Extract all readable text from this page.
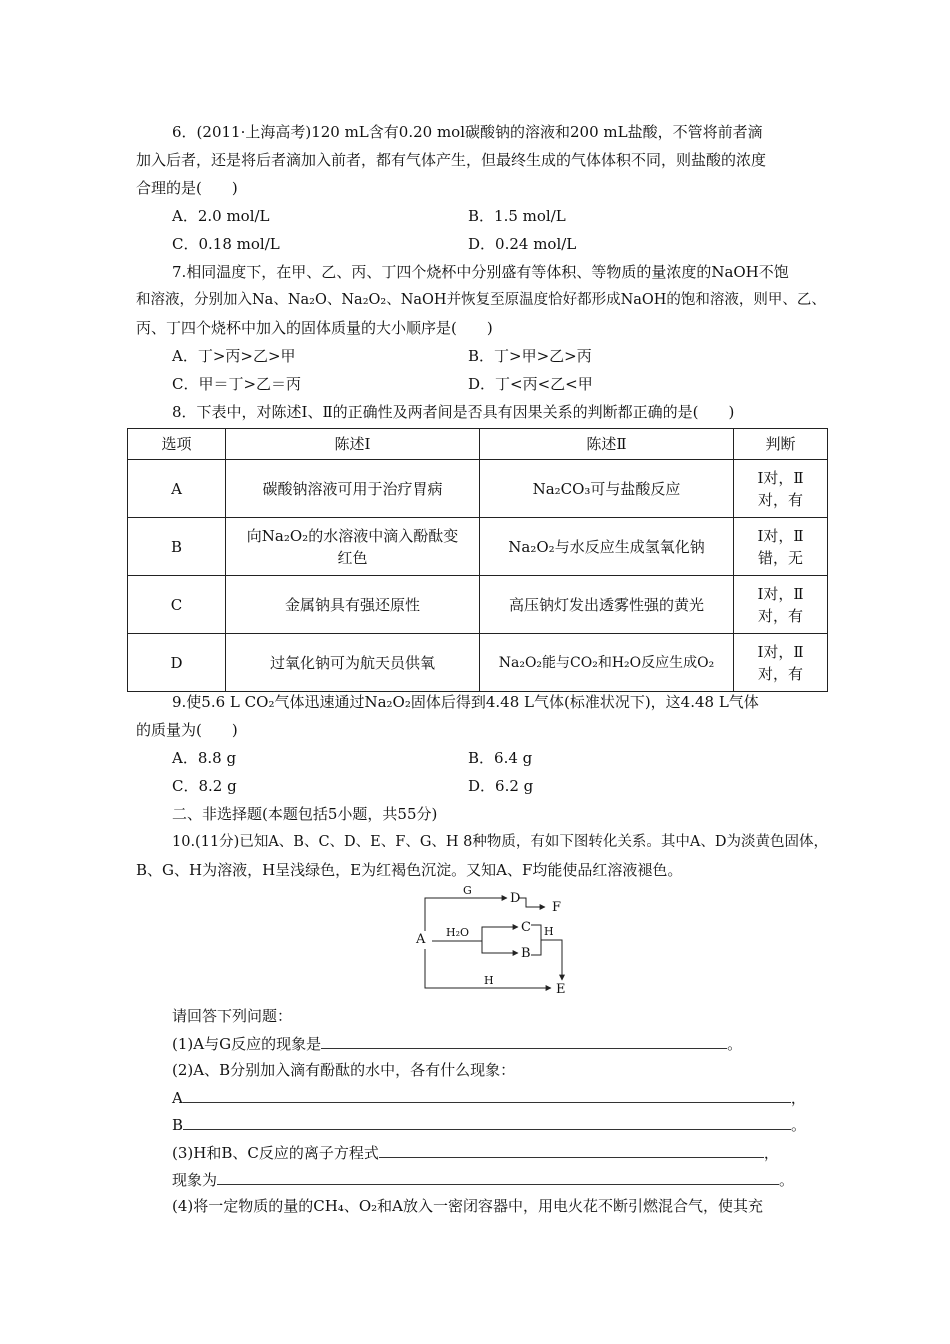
6．(2011·上海高考)120 mL含有0.20 mol碳酸钠的溶液和200 mL盐酸，不管将前者滴
加入后者，还是将后者滴加入前者，都有气体产生，但最终生成的气体体积不同，则盐酸的浓度
合理的是(　　)
A．2.0 mol/L	B．1.5 mol/L
C．0.18 mol/L	D．0.24 mol/L
7.相同温度下，在甲、乙、丙、丁四个烧杯中分别盛有等体积、等物质的量浓度的NaOH不饱
和溶液，分别加入Na、Na₂O、Na₂O₂、NaOH并恢复至原温度恰好都形成NaOH的饱和溶液，则甲、乙、
丙、丁四个烧杯中加入的固体质量的大小顺序是(　　)
A．丁>丙>乙>甲	B．丁>甲>乙>丙
C．甲＝丁>乙＝丙	D．丁<丙<乙<甲
8．下表中，对陈述Ⅰ、Ⅱ的正确性及两者间是否具有因果关系的判断都正确的是(　　)
选项	陈述Ⅰ	陈述Ⅱ	判断
A	碳酸钠溶液可用于治疗胃病	Na₂CO₃可与盐酸反应	Ⅰ对，Ⅱ
对，有
B	向Na₂O₂的水溶液中滴入酚酞变红色	Na₂O₂与水反应生成氢氧化钠	Ⅰ对，Ⅱ
错，无
C	金属钠具有强还原性	高压钠灯发出透雾性强的黄光	Ⅰ对，Ⅱ
对，有
D	过氧化钠可为航天员供氧	Na₂O₂能与CO₂和H₂O反应生成O₂	Ⅰ对，Ⅱ
对，有
9.使5.6 L CO₂气体迅速通过Na₂O₂固体后得到4.48 L气体(标准状况下)，这4.48 L气体
的质量为(　　)
A．8.8 g	B．6.4 g
C．8.2 g	D．6.2 g
二、非选择题(本题包括5小题，共55分)
10.(11分)已知A、B、C、D、E、F、G、H 8种物质，有如下图转化关系。其中A、D为淡黄色固体，
B、G、H为溶液，H呈浅绿色，E为红褐色沉淀。又知A、F均能使品红溶液褪色。
G
D
F
A H₂O	C H
B
H
E
请回答下列问题：
(1)A与G反应的现象是	。
(2)A、B分别加入滴有酚酞的水中，各有什么现象：
A	，
B	。
(3)H和B、C反应的离子方程式	，
现象为	。
(4)将一定物质的量的CH₄、O₂和A放入一密闭容器中，用电火花不断引燃混合气，使其充
